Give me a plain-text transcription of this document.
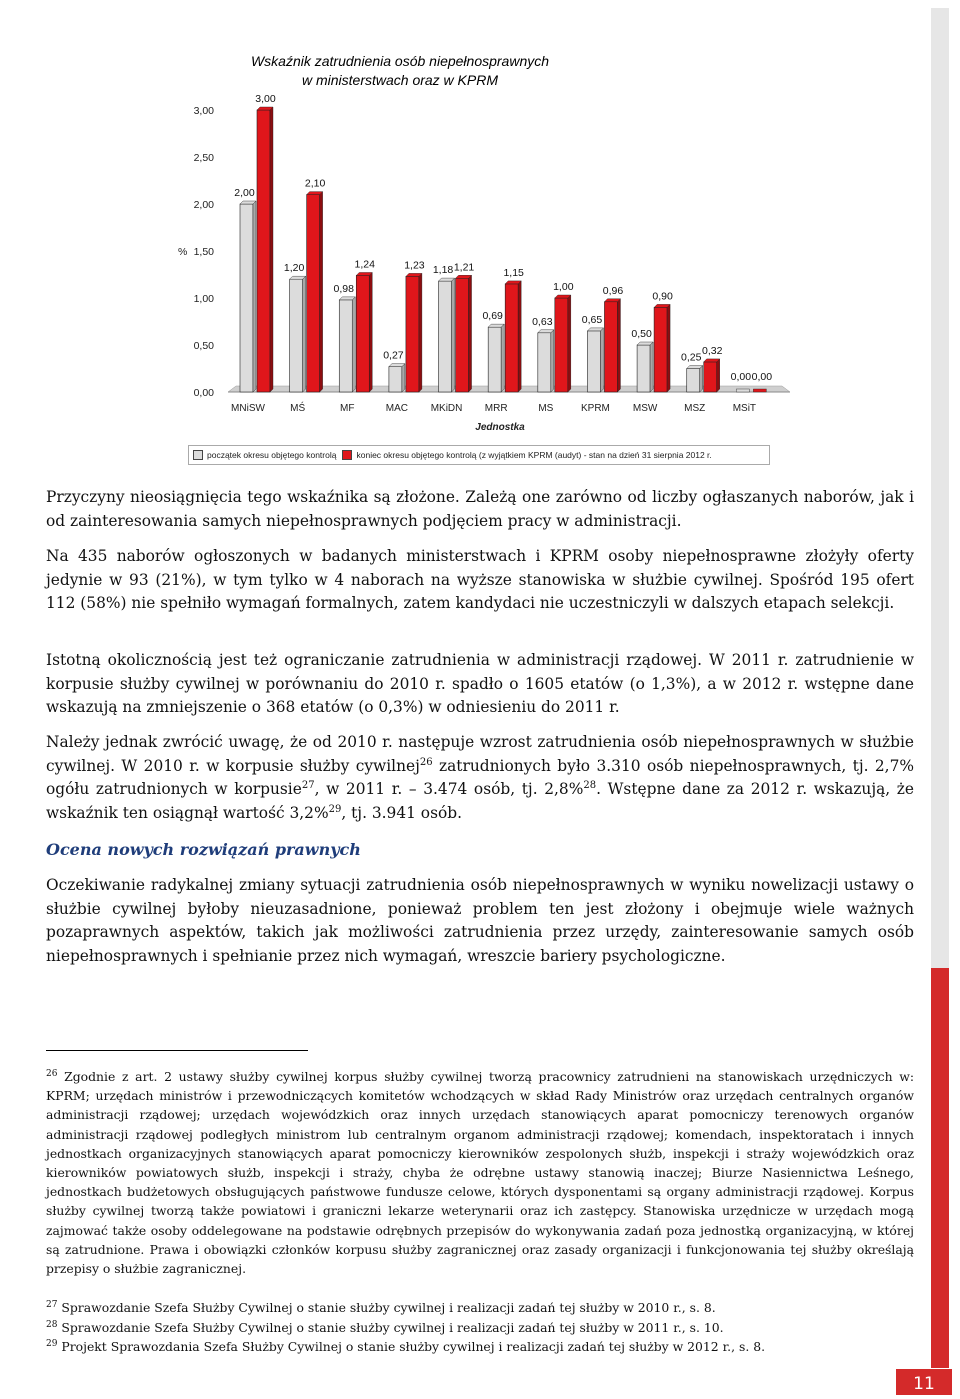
11
Wskaźnik zatrudnienia osób niepełnosprawnych
w ministerstwach oraz w KPRM
0,00
0,50
1,00
1,50
2,00
2,50
3,00
%
MNiSW	MŚ	MF	MAC MKiDN MRR	MS	KPRM MSW	MSZ	MSiT
Jednostka
2,00
1,20
0,98
0,27
1,18
0,69	0,63	0,65
0,50
0,25
0,00
3,00
2,10
1,24	1,23	1,21	1,15
1,00	0,96	0,90
0,32
0,00
początek okresu objętego kontrolą koniec okresu objętego kontrolą (z wyjątkiem KPRM (audyt) - stan na dzień 31 sierpnia 2012 r.

Przyczyny nieosiągnięcia tego wskaźnika są złożone. Zależą one zarówno od liczby ogłaszanych naborów, jak i od zainteresowania samych niepełnosprawnych podjęciem pracy w administracji.

Na 435 naborów ogłoszonych w badanych ministerstwach i KPRM osoby niepełnosprawne złożyły oferty jedynie w 93 (21%), w tym tylko w 4 naborach na wyższe stanowiska w służbie cywilnej. Spośród 195 ofert 112 (58%) nie spełniło wymagań formalnych, zatem kandydaci nie uczestniczyli w dalszych etapach selekcji.

Istotną okolicznością jest też ograniczanie zatrudnienia w administracji rządowej. W 2011 r. zatrudnienie w korpusie służby cywilnej w porównaniu do 2010 r. spadło o 1605 etatów (o 1,3%), a w 2012 r. wstępne dane wskazują na zmniejszenie o 368 etatów (o 0,3%) w odniesieniu do 2011 r.

Należy jednak zwrócić uwagę, że od 2010 r. następuje wzrost zatrudnienia osób niepełnosprawnych w służbie cywilnej. W 2010 r. w korpusie służby cywilnej$^{26}$ zatrudnionych było 3.310 osób niepełnosprawnych, tj. 2,7% ogółu zatrudnionych w korpusie$^{27}$, w 2011 r. – 3.474 osób, tj. 2,8%$^{28}$. Wstępne dane za 2012 r. wskazują, że wskaźnik ten osiągnął wartość 3,2%$^{29}$, tj. 3.941 osób.

Ocena nowych rozwiązań prawnych

Oczekiwanie radykalnej zmiany sytuacji zatrudnienia osób niepełnosprawnych w wyniku nowelizacji ustawy o służbie cywilnej byłoby nieuzasadnione, ponieważ problem ten jest złożony i obejmuje wiele ważnych pozaprawnych aspektów, takich jak możliwości zatrudnienia przez urzędy, zainteresowanie samych osób niepełnosprawnych i spełnianie przez nich wymagań, wreszcie bariery psychologiczne.

$^{26}$ Zgodnie z art. 2 ustawy służby cywilnej korpus służby cywilnej tworzą pracownicy zatrudnieni na stanowiskach urzędniczych w: KPRM; urzędach ministrów i przewodniczących komitetów wchodzących w skład Rady Ministrów oraz urzędach centralnych organów administracji rządowej; urzędach wojewódzkich oraz innych urzędach stanowiących aparat pomocniczy terenowych organów administracji rządowej podległych ministrom lub centralnym organom administracji rządowej; komendach, inspektoratach i innych jednostkach organizacyjnych stanowiących aparat pomocniczy kierowników zespolonych służb, inspekcji i straży wojewódzkich oraz kierowników powiatowych służb, inspekcji i straży, chyba że odrębne ustawy stanowią inaczej; Biurze Nasiennictwa Leśnego, jednostkach budżetowych obsługujących państwowe fundusze celowe, których dysponentami są organy administracji rządowej. Korpus służby cywilnej tworzą także powiatowi i graniczni lekarze weterynarii oraz ich zastępcy. Stanowiska urzędnicze w urzędach mogą zajmować także osoby oddelegowane na podstawie odrębnych przepisów do wykonywania zadań poza jednostką organizacyjną, w której są zatrudnione. Prawa i obowiązki członków korpusu służby zagranicznej oraz zasady organizacji i funkcjonowania tej służby określają przepisy o służbie zagranicznej.

$^{27}$ Sprawozdanie Szefa Służby Cywilnej o stanie służby cywilnej i realizacji zadań tej służby w 2010 r., s. 8.

$^{28}$ Sprawozdanie Szefa Służby Cywilnej o stanie służby cywilnej i realizacji zadań tej służby w 2011 r., s. 10.

$^{29}$ Projekt Sprawozdania Szefa Służby Cywilnej o stanie służby cywilnej i realizacji zadań tej służby w 2012 r., s. 8.
